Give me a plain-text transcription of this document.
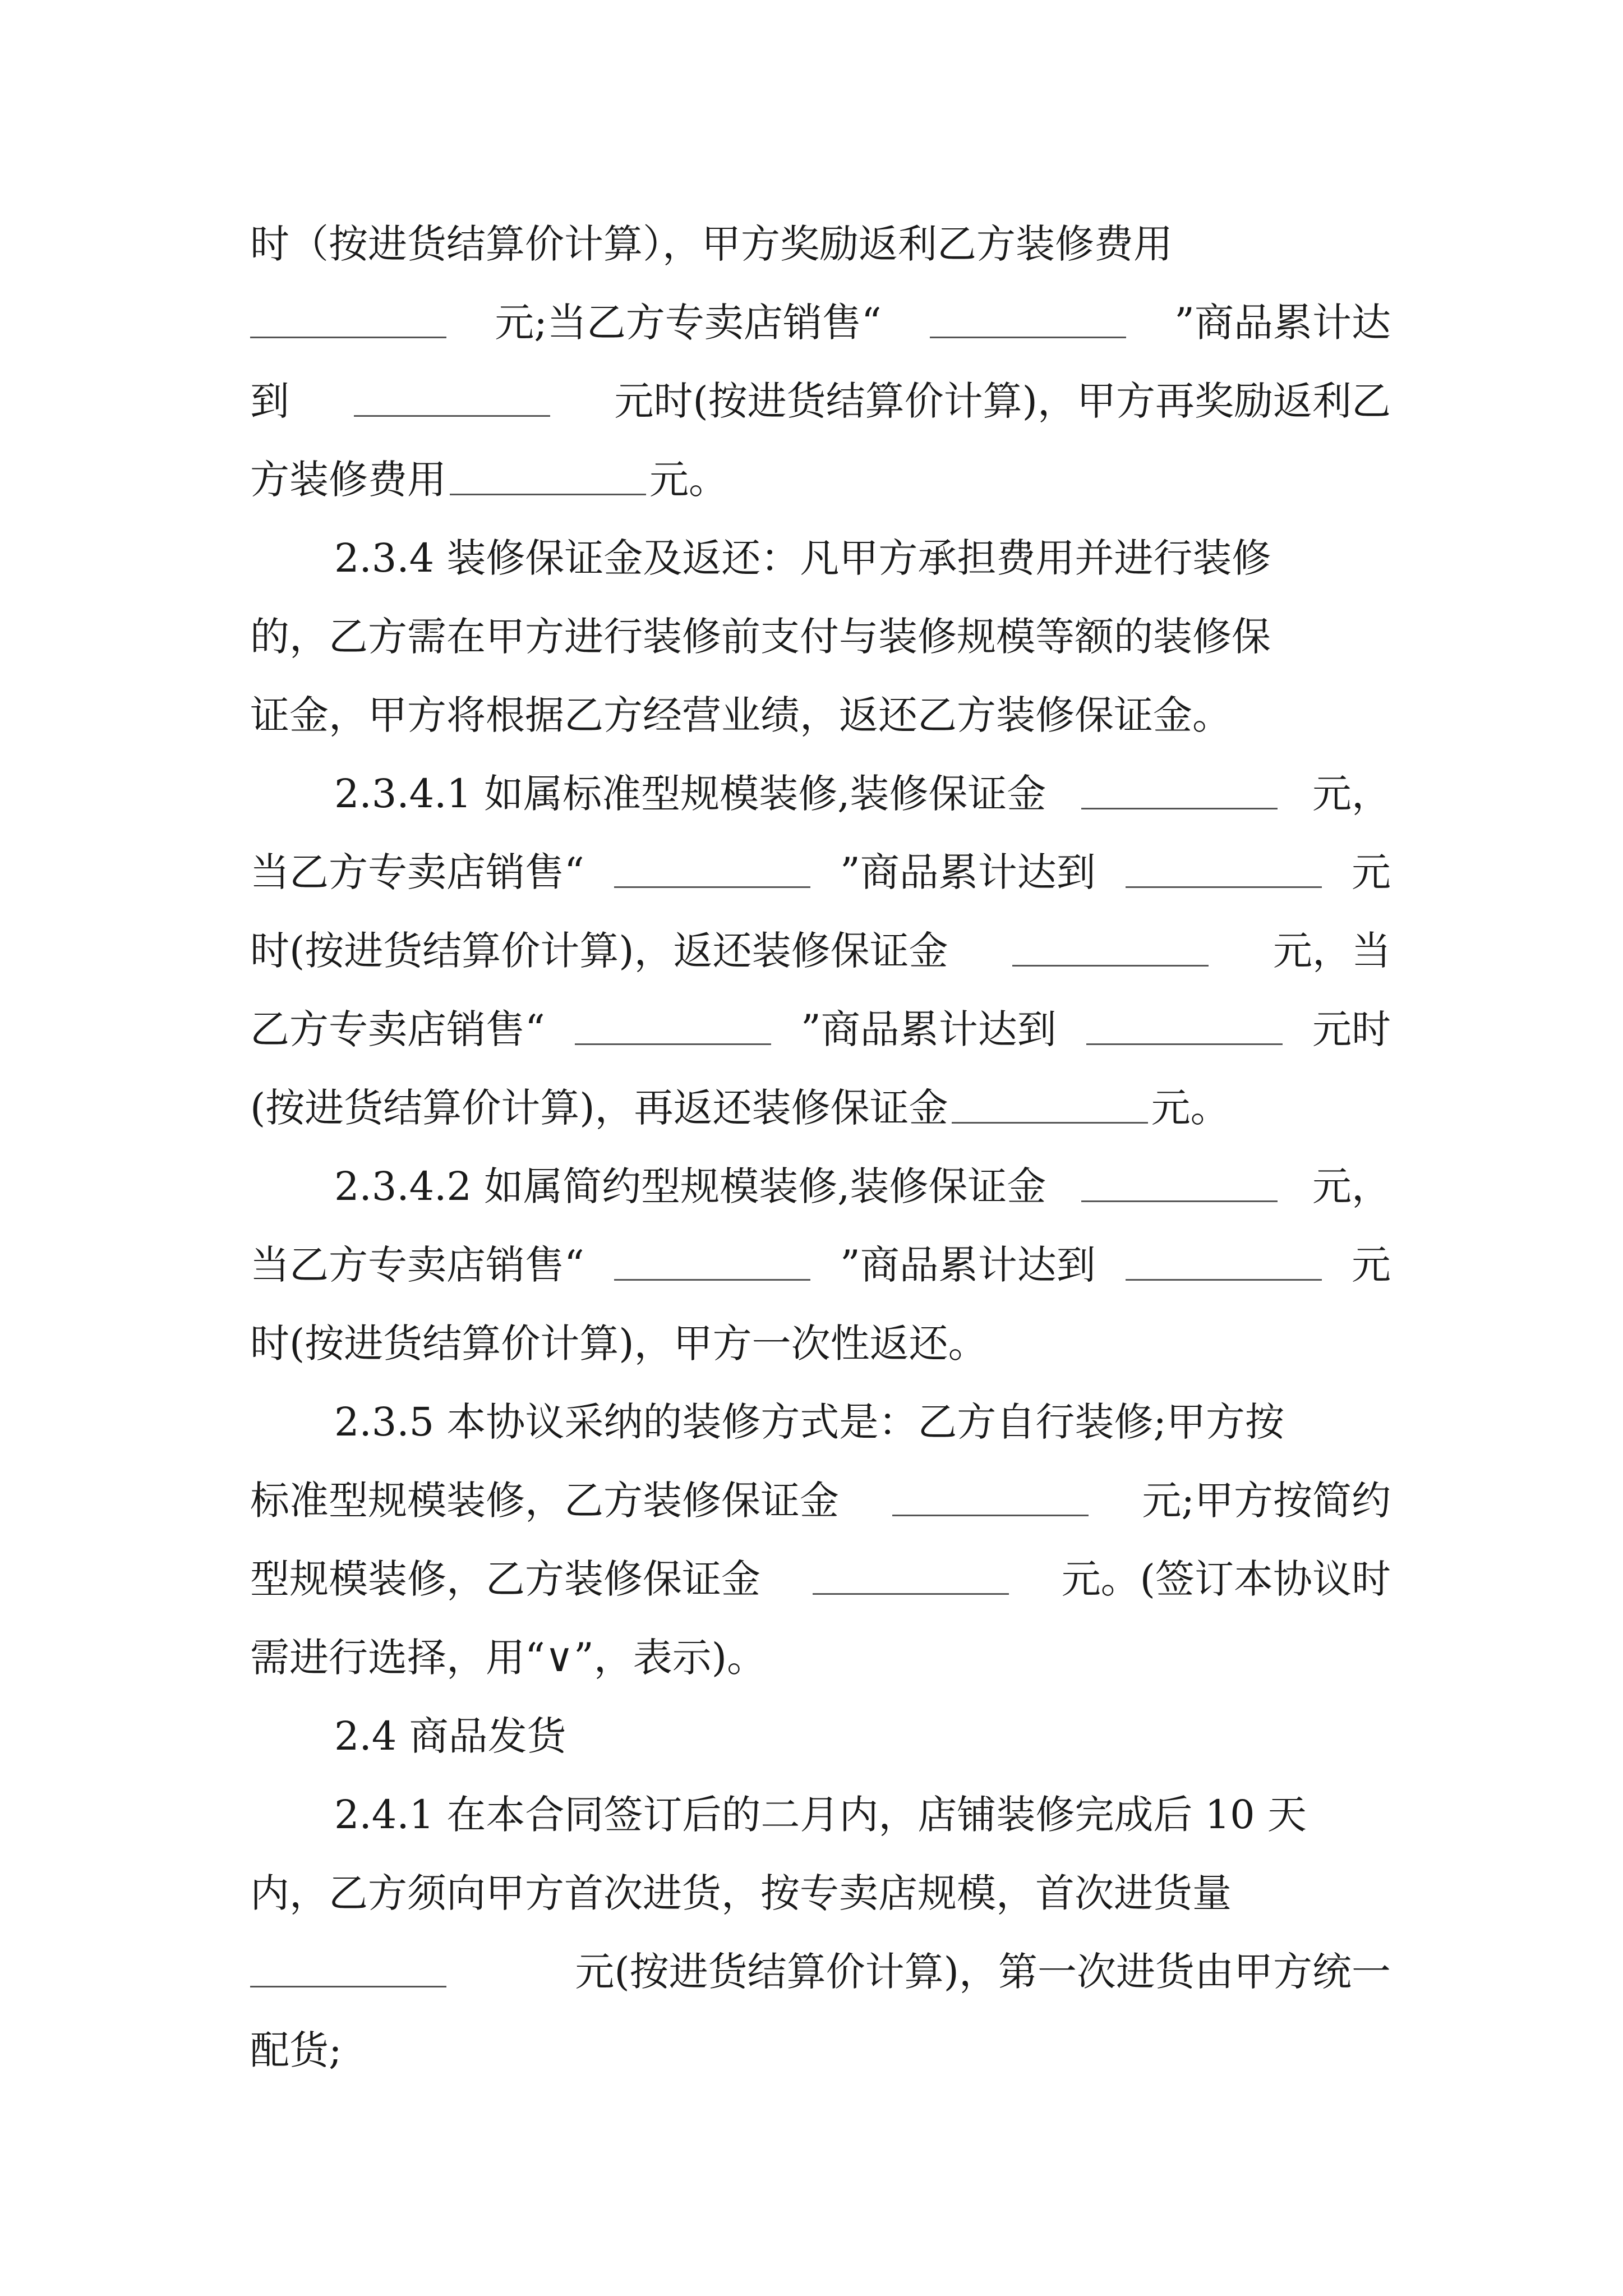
时（按进货结算价计算），甲方奖励返利乙方装修费用
元;当乙方专卖店销售“	”商品累计达
到	元时(按进货结算价计算)，甲方再奖励返利乙
方装修费用	元。
2.3.4 装修保证金及返还：凡甲方承担费用并进行装修
的，乙方需在甲方进行装修前支付与装修规模等额的装修保
证金，甲方将根据乙方经营业绩，返还乙方装修保证金。
2.3.4.1 如属标准型规模装修,装修保证金	元，
当乙方专卖店销售“	”商品累计达到	元
时(按进货结算价计算)，返还装修保证金	元，当
乙方专卖店销售“	”商品累计达到	元时
(按进货结算价计算)，再返还装修保证金	元。
2.3.4.2 如属简约型规模装修,装修保证金	元，
当乙方专卖店销售“	”商品累计达到	元
时(按进货结算价计算)，甲方一次性返还。
2.3.5 本协议采纳的装修方式是：乙方自行装修;甲方按
标准型规模装修，乙方装修保证金	元;甲方按简约
型规模装修，乙方装修保证金	元。(签订本协议时
需进行选择，用“∨”，表示)。
2.4 商品发货
2.4.1 在本合同签订后的二月内，店铺装修完成后 10 天
内，乙方须向甲方首次进货，按专卖店规模，首次进货量
元(按进货结算价计算)，第一次进货由甲方统一
配货;
